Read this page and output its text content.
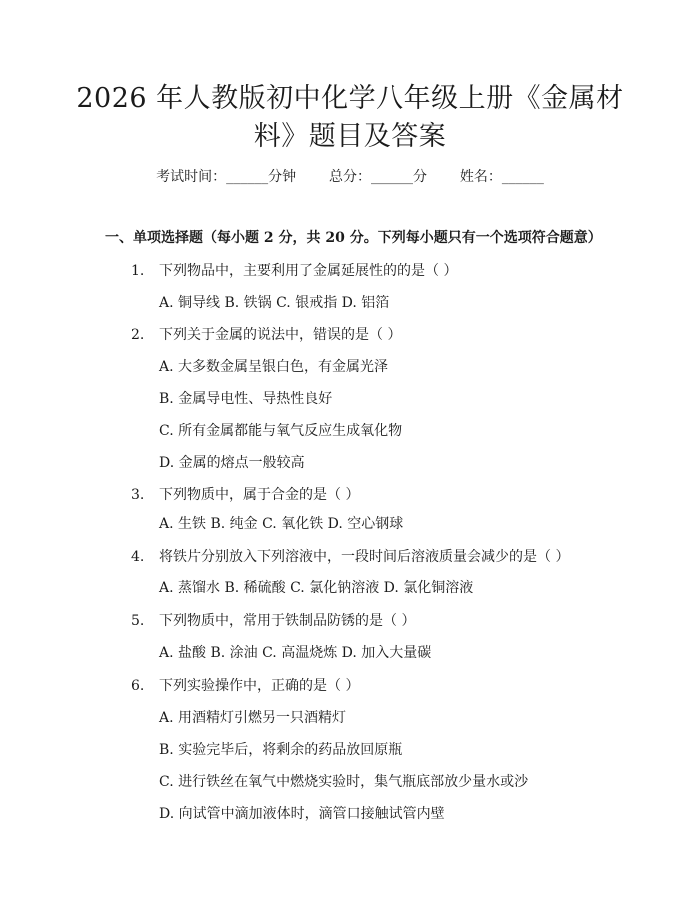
2026 年人教版初中化学八年级上册《金属材
料》题目及答案
考试时间：______分钟 总分：______分 姓名：______
一、单项选择题（每小题 2 分，共 20 分。下列每小题只有一个选项符合题意）
1. 下列物品中，主要利用了金属延展性的的是（ ）
A. 铜导线 B. 铁锅 C. 银戒指 D. 铝箔
2. 下列关于金属的说法中，错误的是（ ）
A. 大多数金属呈银白色，有金属光泽
B. 金属导电性、导热性良好
C. 所有金属都能与氧气反应生成氧化物
D. 金属的熔点一般较高
3. 下列物质中，属于合金的是（ ）
A. 生铁 B. 纯金 C. 氧化铁 D. 空心钢球
4. 将铁片分别放入下列溶液中，一段时间后溶液质量会减少的是（ ）
A. 蒸馏水 B. 稀硫酸 C. 氯化钠溶液 D. 氯化铜溶液
5. 下列物质中，常用于铁制品防锈的是（ ）
A. 盐酸 B. 涂油 C. 高温烧炼 D. 加入大量碳
6. 下列实验操作中，正确的是（ ）
A. 用酒精灯引燃另一只酒精灯
B. 实验完毕后，将剩余的药品放回原瓶
C. 进行铁丝在氧气中燃烧实验时，集气瓶底部放少量水或沙
D. 向试管中滴加液体时，滴管口接触试管内壁
